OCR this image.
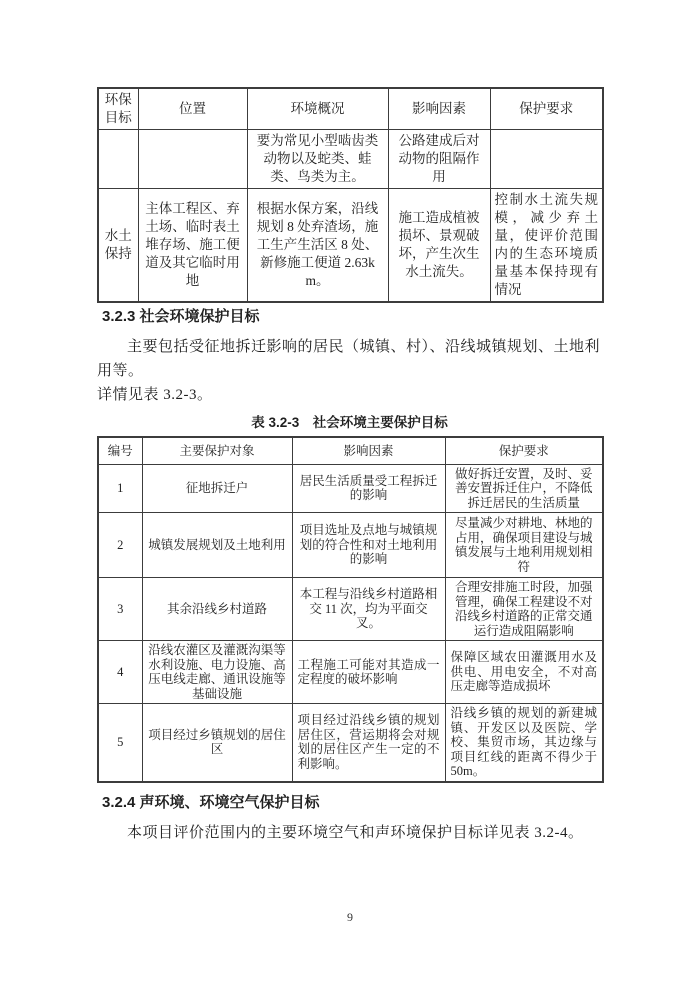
环保目标	位置	环境概况	影响因素	保护要求
		要为常见小型啮齿类动物以及蛇类、蛙类、鸟类为主。	公路建成后对动物的阻隔作用	
水土保持	主体工程区、弃土场、临时表土堆存场、施工便道及其它临时用地	根据水保方案，沿线规划 8 处弃渣场，施工生产生活区 8 处、新修施工便道 2.63km。	施工造成植被损坏、景观破坏，产生次生水土流失。	控制水土流失规模，减少弃土量，使评价范围内的生态环境质量基本保持现有情况
3.2.3 社会环境保护目标
主要包括受征地拆迁影响的居民（城镇、村）、沿线城镇规划、土地利用等。
详情见表 3.2-3。
表 3.2-3　社会环境主要保护目标
编号	主要保护对象	影响因素	保护要求
1	征地拆迁户	居民生活质量受工程拆迁的影响	做好拆迁安置，及时、妥善安置拆迁住户，不降低拆迁居民的生活质量
2	城镇发展规划及土地利用	项目选址及点地与城镇规划的符合性和对土地利用的影响	尽量减少对耕地、林地的占用，确保项目建设与城镇发展与土地利用规划相符
3	其余沿线乡村道路	本工程与沿线乡村道路相交 11 次，均为平面交叉。	合理安排施工时段，加强管理，确保工程建设不对沿线乡村道路的正常交通运行造成阻隔影响
4	沿线农灌区及灌溉沟渠等水利设施、电力设施、高压电线走廊、通讯设施等基础设施	工程施工可能对其造成一定程度的破坏影响	保障区域农田灌溉用水及供电、用电安全，不对高压走廊等造成损坏
5	项目经过乡镇规划的居住区	项目经过沿线乡镇的规划居住区，营运期将会对规划的居住区产生一定的不利影响。	沿线乡镇的规划的新建城镇、开发区以及医院、学校、集贸市场，其边缘与项目红线的距离不得少于 50m。
3.2.4 声环境、环境空气保护目标
本项目评价范围内的主要环境空气和声环境保护目标详见表 3.2-4。
9
